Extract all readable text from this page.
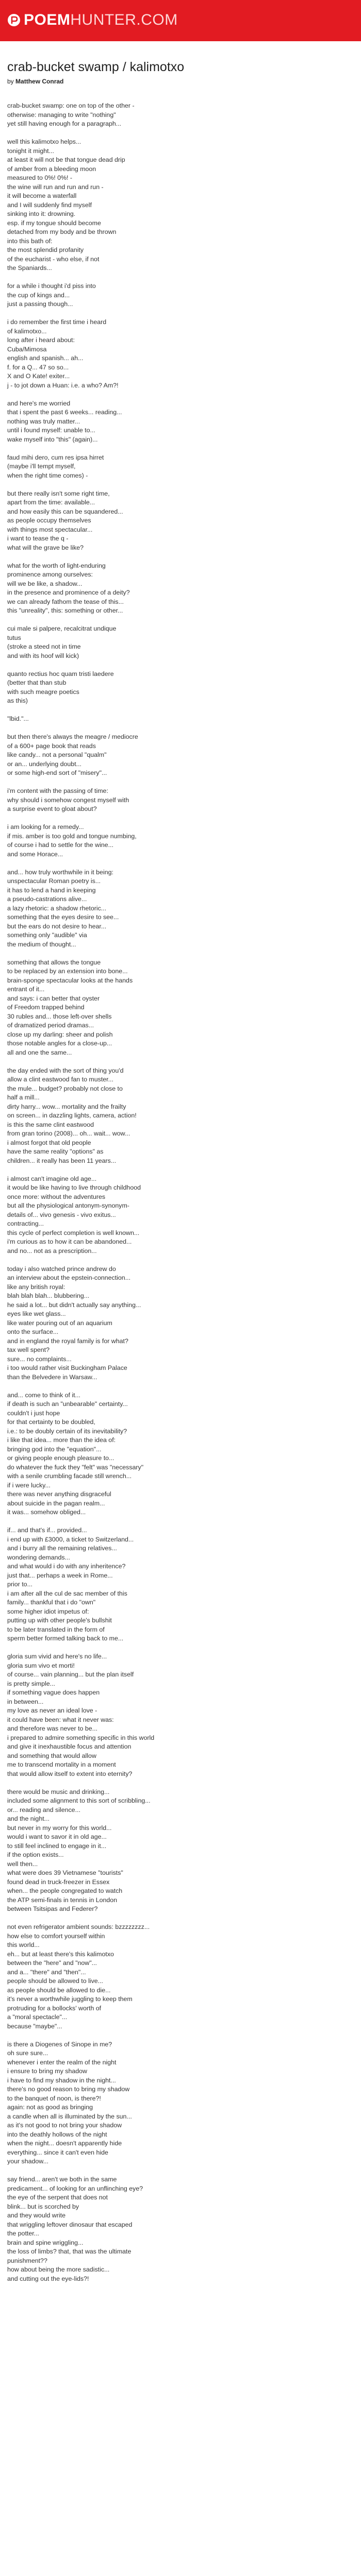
POEM HUNTER.COM
crab-bucket swamp / kalimotxo
by Matthew Conrad
crab-bucket swamp: one on top of the other -
otherwise: managing to write "nothing"
yet still having enough for a paragraph...

well this kalimotxo helps...
tonight it might...
at least it will not be that tongue dead drip
of amber from a bleeding moon
measured to 0%! 0%! -
the wine will run and run and run -
it will become a waterfall
and I will suddenly find myself
sinking into it: drowning.
esp. if my tongue should become
detached from my body and be thrown
into this bath of:
the most splendid profanity
of the eucharist - who else, if not
the Spaniards...

for a while i thought i'd piss into
the cup of kings and...
just a passing though...

i do remember the first time i heard
of kalimotxo...
long after i heard about:
Cuba/Mimosa
english and spanish... ah...
f. for a Q... 47 so so...
X and O Kate! exiter...
j - to jot down a Huan: i.e. a who? Am?!

and here's me worried
that i spent the past 6 weeks... reading...
nothing was truly matter...
until i found myself: unable to...
wake myself into "this" (again)...

faud mihi dero, cum res ipsa hirret
(maybe i'll tempt myself,
when the right time comes) -

but there really isn't some right time,
apart from the time: available...
and how easily this can be squandered...
as people occupy themselves
with things most spectacular...
i want to tease the q -
what will the grave be like?

what for the worth of light-enduring
prominence among ourselves:
will we be like, a shadow...
in the presence and prominence of a deity?
we can already fathom the tease of this...
this "unreality", this: something or other...

cui male si palpere, recalcitrat undique
tutus
(stroke a steed not in time
and with its hoof will kick)

quanto rectius hoc quam tristi laedere
(better that than stub
with such meagre poetics
as this)

"lbid."...

but then there's always the meagre / mediocre
of a 600+ page book that reads
like candy... not a personal "qualm"
or an... underlying doubt...
or some high-end sort of "misery"...

i'm content with the passing of time:
why should i somehow congest myself with
a surprise event to gloat about?

i am looking for a remedy...
if mis. amber is too gold and tongue numbing,
of course i had to settle for the wine...
and some Horace...

and... how truly worthwhile in it being:
unspectacular Roman poetry is...
it has to lend a hand in keeping
a pseudo-castrations alive...
a lazy rhetoric: a shadow rhetoric...
something that the eyes desire to see...
but the ears do not desire to hear...
something only "audible" via
the medium of thought...

something that allows the tongue
to be replaced by an extension into bone...
brain-sponge spectacular looks at the hands
entrant of it...
and says: i can better that oyster
of Freedom trapped behind
30 rubles and... those left-over shells
of dramatized period dramas...
close up my darling: sheer and polish
those notable angles for a close-up...
all and one the same...

the day ended with the sort of thing you'd
allow a clint eastwood fan to muster...
the mule... budget? probably not close to
half a mill...
dirty harry... wow... mortality and the frailty
on screen... in dazzling lights, camera, action!
is this the same clint eastwood
from gran torino (2008)... oh... wait... wow...
i almost forgot that old people
have the same reality "options" as
children... it really has been 11 years...

i almost can't imagine old age...
it would be like having to live through childhood
once more: without the adventures
but all the physiological antonym-synonym-
details of... vivo genesis - vivo exitus...
contracting...
this cycle of perfect completion is well known...
i'm curious as to how it can be abandoned...
and no... not as a prescription...

today i also watched prince andrew do
an interview about the epstein-connection...
like any british royal:
blah blah blah... blubbering...
he said a lot... but didn't actually say anything...
eyes like wet glass...
like water pouring out of an aquarium
onto the surface...
and in england the royal family is for what?
tax well spent?
sure... no complaints...
i too would rather visit Buckingham Palace
than the Belvedere in Warsaw...

and... come to think of it...
if death is such an "unbearable" certainty...
couldn't i just hope
for that certainty to be doubled,
i.e.: to be doubly certain of its inevitability?
i like that idea... more than the idea of:
bringing god into the "equation"...
or giving people enough pleasure to...
do whatever the fuck they "felt" was "necessary"
with a senile crumbling facade still wrench...
if i were lucky...
there was never anything disgraceful
about suicide in the pagan realm...
it was... somehow obliged...

if... and that's if... provided...
i end up with £3000, a ticket to Switzerland...
and i burry all the remaining relatives...
wondering demands...
and what would i do with any inheritence?
just that... perhaps a week in Rome...
prior to...
i am after all the cul de sac member of this
family... thankful that i do "own"
some higher idiot impetus of:
putting up with other people's bullshit
to be later translated in the form of
sperm better formed talking back to me...

gloria sum vivid and here's no life...
gloria sum vivo et morti!
of course... vain planning... but the plan itself
is pretty simple...
if something vague does happen
in between...
my love as never an ideal love -
it could have been: what it never was:
and therefore was never to be...
i prepared to admire something specific in this world
and give it inexhaustible focus and attention
and something that would allow
me to transcend mortality in a moment
that would allow itself to extent into eternity?

there would be music and drinking...
included some alignment to this sort of scribbling...
or... reading and silence...
and the night...
but never in my worry for this world...
would i want to savor it in old age...
to still feel inclined to engage in it...
if the option exists...
well then...
what were does 39 Vietnamese "tourists"
found dead in truck-freezer in Essex
when... the people congregated to watch
the ATP semi-finals in tennis in London
between Tsitsipas and Federer?

not even refrigerator ambient sounds: bzzzzzzzz...
how else to comfort yourself within
this world...
eh... but at least there's this kalimotxo
between the "here" and "now"...
and a... "there" and "then"...
people should be allowed to live...
as people should be allowed to die...
it's never a worthwhile juggling to keep them
protruding for a bollocks' worth of
a "moral spectacle"...
because "maybe"...

is there a Diogenes of Sinope in me?
oh sure sure...
whenever i enter the realm of the night
i ensure to bring my shadow
i have to find my shadow in the night...
there's no good reason to bring my shadow
to the banquet of noon, is there?!
again: not as good as bringing
a candle when all is illuminated by the sun...
as it's not good to not bring your shadow
into the deathly hollows of the night
when the night... doesn't apparently hide
everything... since it can't even hide
your shadow...

say friend... aren't we both in the same
predicament... of looking for an unflinching eye?
the eye of the serpent that does not
blink... but is scorched by
and they would write
that wriggling leftover dinosaur that escaped
the potter...
brain and spine wriggling...
the loss of limbs? that, that was the ultimate
punishment??
how about being the more sadistic...
and cutting out the eye-lids?!
